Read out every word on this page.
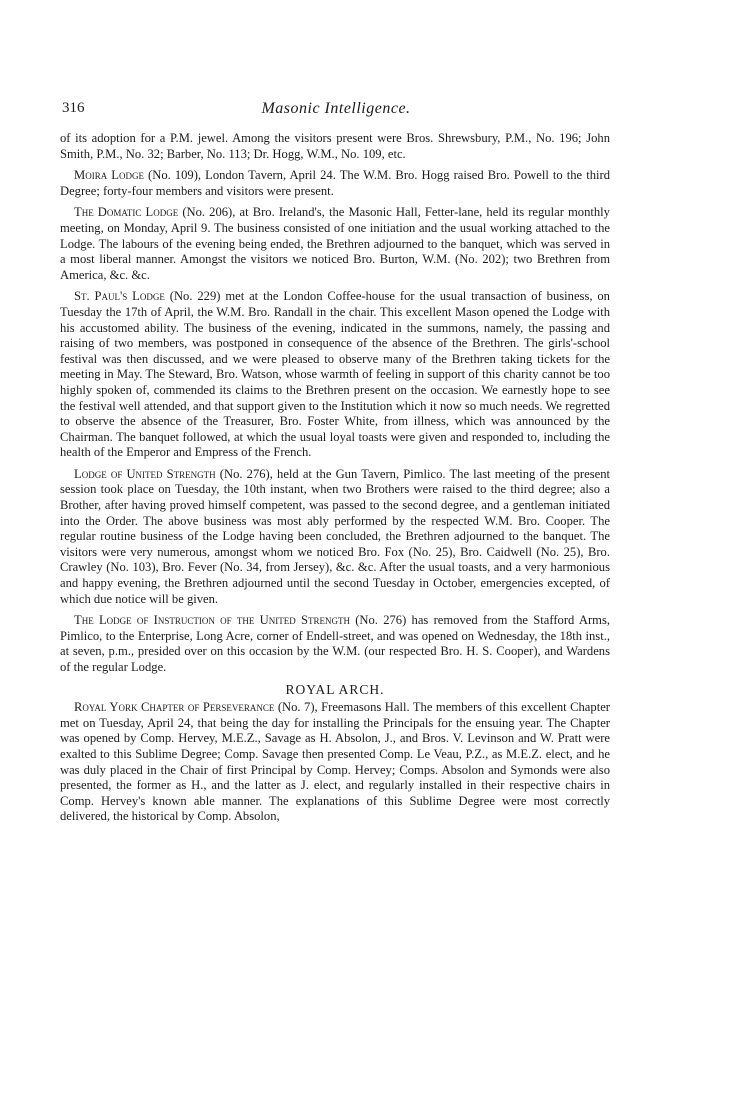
316	Masonic Intelligence.

of its adoption for a P.M. jewel. Among the visitors present were Bros. Shrewsbury, P.M., No. 196; John Smith, P.M., No. 32; Barber, No. 113; Dr. Hogg, W.M., No. 109, etc.

Moira Lodge (No. 109), London Tavern, April 24. The W.M. Bro. Hogg raised Bro. Powell to the third Degree; forty-four members and visitors were present.

The Domatic Lodge (No. 206), at Bro. Ireland's, the Masonic Hall, Fetter-lane, held its regular monthly meeting, on Monday, April 9. The business consisted of one initiation and the usual working attached to the Lodge. The labours of the evening being ended, the Brethren adjourned to the banquet, which was served in a most liberal manner. Amongst the visitors we noticed Bro. Burton, W.M. (No. 202); two Brethren from America, &c. &c.

St. Paul's Lodge (No. 229) met at the London Coffee-house for the usual transaction of business, on Tuesday the 17th of April, the W.M. Bro. Randall in the chair. This excellent Mason opened the Lodge with his accustomed ability. The business of the evening, indicated in the summons, namely, the passing and raising of two members, was postponed in consequence of the absence of the Brethren. The girls'-school festival was then discussed, and we were pleased to observe many of the Brethren taking tickets for the meeting in May. The Steward, Bro. Watson, whose warmth of feeling in support of this charity cannot be too highly spoken of, commended its claims to the Brethren present on the occasion. We earnestly hope to see the festival well attended, and that support given to the Institution which it now so much needs. We regretted to observe the absence of the Treasurer, Bro. Foster White, from illness, which was announced by the Chairman. The banquet followed, at which the usual loyal toasts were given and responded to, including the health of the Emperor and Empress of the French.

Lodge of United Strength (No. 276), held at the Gun Tavern, Pimlico. The last meeting of the present session took place on Tuesday, the 10th instant, when two Brothers were raised to the third degree; also a Brother, after having proved himself competent, was passed to the second degree, and a gentleman initiated into the Order. The above business was most ably performed by the respected W.M. Bro. Cooper. The regular routine business of the Lodge having been concluded, the Brethren adjourned to the banquet. The visitors were very numerous, amongst whom we noticed Bro. Fox (No. 25), Bro. Caidwell (No. 25), Bro. Crawley (No. 103), Bro. Fever (No. 34, from Jersey), &c. &c. After the usual toasts, and a very harmonious and happy evening, the Brethren adjourned until the second Tuesday in October, emergencies excepted, of which due notice will be given.

The Lodge of Instruction of the United Strength (No. 276) has removed from the Stafford Arms, Pimlico, to the Enterprise, Long Acre, corner of Endell-street, and was opened on Wednesday, the 18th inst., at seven, p.m., presided over on this occasion by the W.M. (our respected Bro. H. S. Cooper), and Wardens of the regular Lodge.

ROYAL ARCH.

Royal York Chapter of Perseverance (No. 7), Freemasons Hall. The members of this excellent Chapter met on Tuesday, April 24, that being the day for installing the Principals for the ensuing year. The Chapter was opened by Comp. Hervey, M.E.Z., Savage as H. Absolon, J., and Bros. V. Levinson and W. Pratt were exalted to this Sublime Degree; Comp. Savage then presented Comp. Le Veau, P.Z., as M.E.Z. elect, and he was duly placed in the Chair of first Principal by Comp. Hervey; Comps. Absolon and Symonds were also presented, the former as H., and the latter as J. elect, and regularly installed in their respective chairs in Comp. Hervey's known able manner. The explanations of this Sublime Degree were most correctly delivered, the historical by Comp. Absolon,
